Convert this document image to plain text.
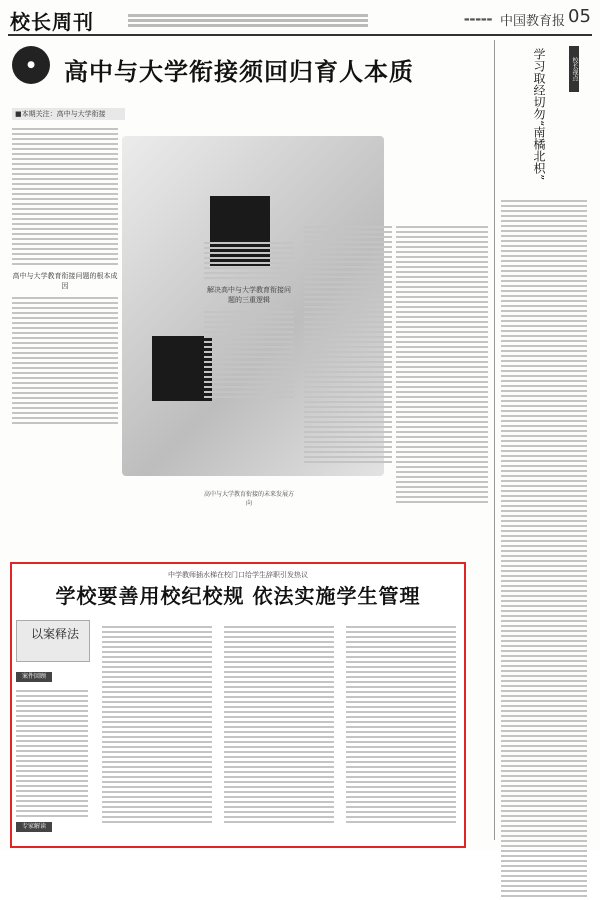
校长周刊	▬▬▬▬▬ 中国教育报 05
●	高中与大学衔接须回归育人本质
■本期关注：高中与大学衔接

高中与大学教育衔接问题的根本成因	解决高中与大学教育衔接问题的三重逻辑

高中与大学教育衔接的未来发展方向

校长视点
学习取经切勿“南橘北枳”
中学教师插水梯在校门口给学生辞职引发热议
学校要善用校纪校规 依法实施学生管理
以案释法
案件回顾
专家解读
